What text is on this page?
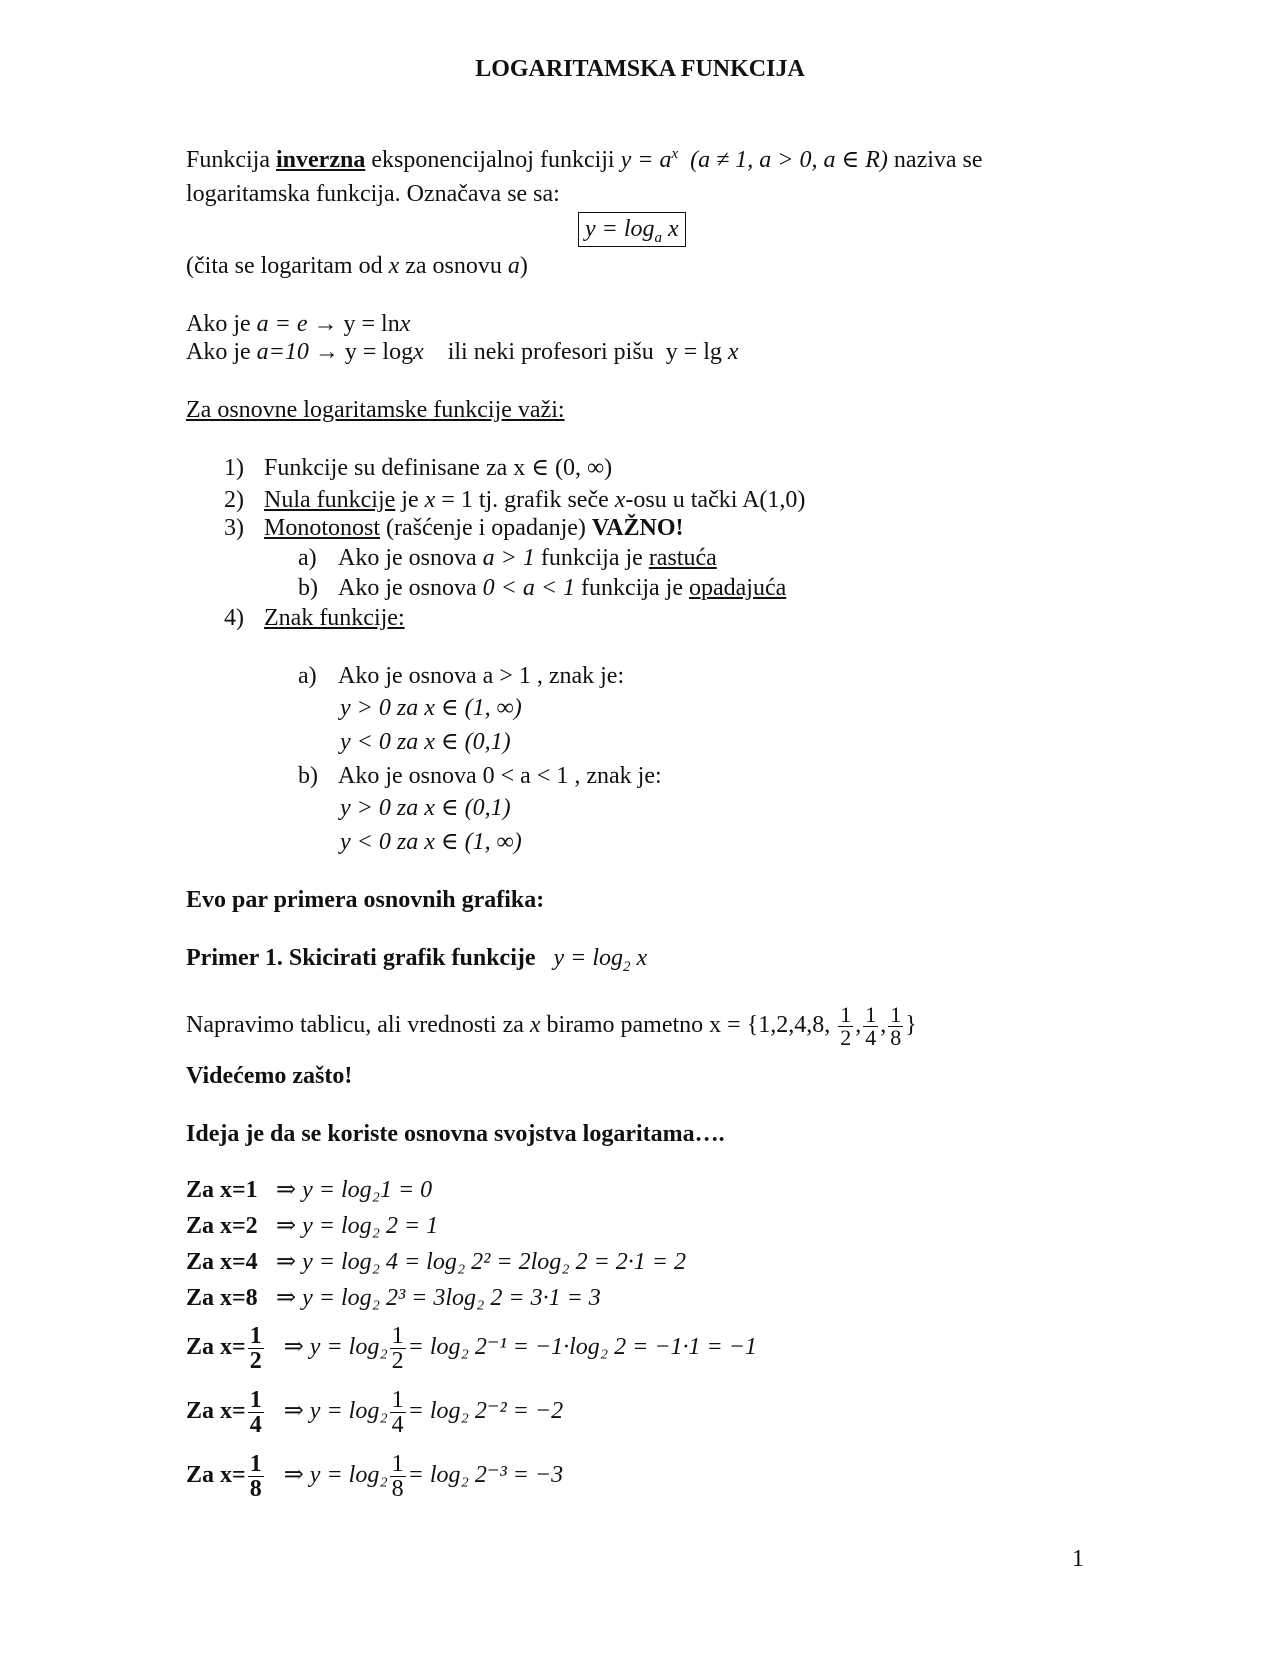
LOGARITAMSKA FUNKCIJA
Funkcija inverzna eksponencijalnoj funkciji $y = a^x$ (a ≠ 1, a > 0, a ∈ R) naziva se
logaritamska funkcija. Označava se sa:
$y = \log_a x$
(čita se logaritam od x za osnovu a)
Ako je a = e → y = lnx
Ako je a=10 → y = logx    ili neki profesori pišu  y = lg x
Za osnovne logaritamske funkcije važi:
1) Funkcije su definisane za x ∈ (0, ∞)
2) Nula funkcije je x = 1 tj. grafik seče x-osu u tački A(1,0)
3) Monotonost (rašćenje i opadanje) VAŽNO!
a) Ako je osnova a > 1 funkcija je rastuća
b) Ako je osnova 0 < a < 1 funkcija je opadajuća
4) Znak funkcije:
a) Ako je osnova a > 1 , znak je:
y > 0 za x ∈ (1, ∞)
y < 0 za x ∈ (0,1)
b) Ako je osnova 0 < a < 1 , znak je:
y > 0 za x ∈ (0,1)
y < 0 za x ∈ (1, ∞)
Evo par primera osnovnih grafika:
Primer 1. Skicirati grafik funkcije $y = \log_2 x$
Napravimo tablicu, ali vrednosti za x biramo pametno x = {1,2,4,8, $\frac{1}{2}$ , $\frac{1}{4}$ , $\frac{1}{8}$ }
Videćemo zašto!
Ideja je da se koriste osnovna svojstva logaritama….
Za x=1 ⇒ y = log₂1 = 0
Za x=2 ⇒ y = log₂ 2 = 1
Za x=4 ⇒ y = log₂ 4 = log₂ 2² = 2log₂ 2 = 2·1 = 2
Za x=8 ⇒ y = log₂ 2³ = 3log₂ 2 = 3·1 = 3
Za $x= \frac{1}{2}$ ⇒ $y = \log_2 \frac{1}{2} = \log_2$ 2⁻¹ = −1·log₂ 2 = −1·1 = −1
Za $x= \frac{1}{4}$ ⇒ $y = \log_2 \frac{1}{4} = \log_2$ 2⁻² = −2
Za $x= \frac{1}{8}$ ⇒ $y = \log_2 \frac{1}{8} = \log_2$ 2⁻³ = −3
1
